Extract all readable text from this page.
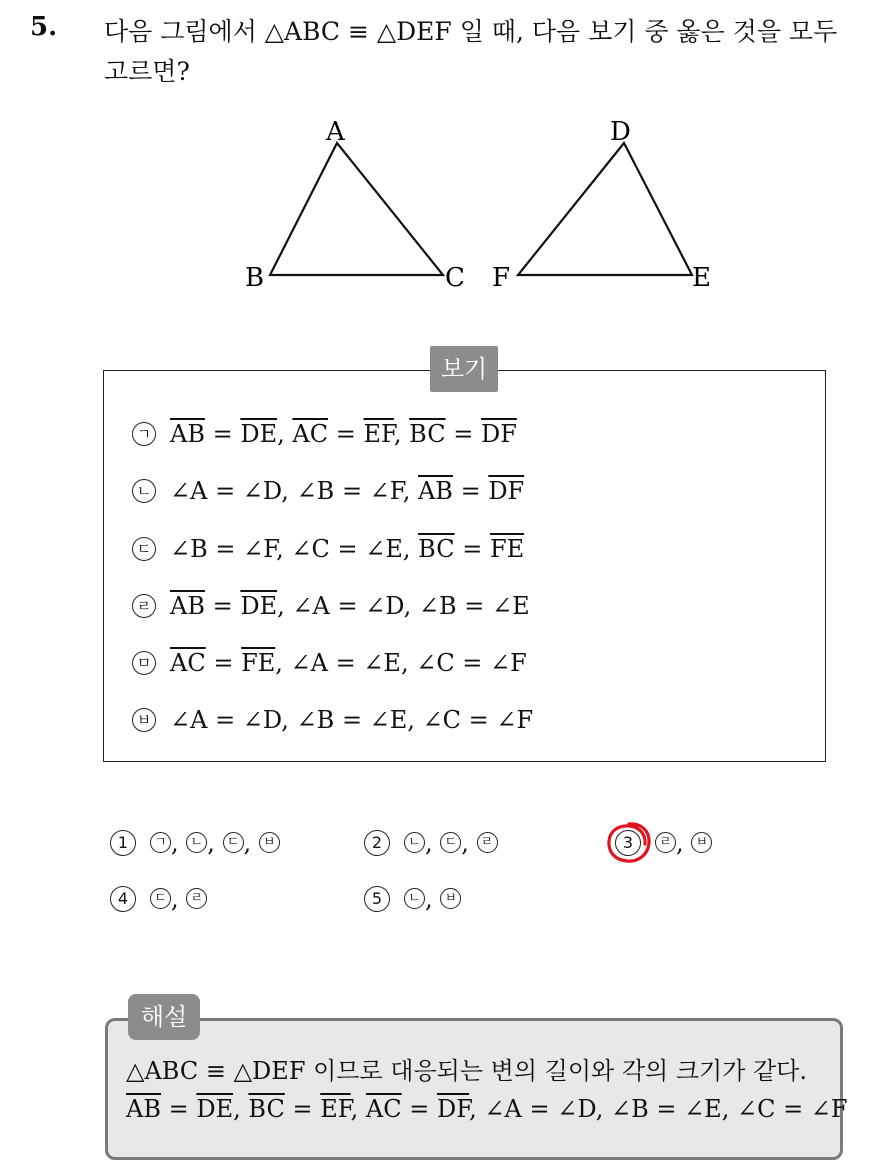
5. 다음 그림에서 △ABC ≡ △DEF 일 때, 다음 보기 중 옳은 것을 모두
고르면?
A
B	C
D
E
F
보기
ㄱ $\overline{AB} = \overline{DE}$, $\overline{AC} = \overline{EF}$, $\overline{BC} = \overline{DF}$
ㄴ ∠A = ∠D, ∠B = ∠F, $\overline{AB} = \overline{DF}$
ㄷ ∠B = ∠F, ∠C = ∠E, $\overline{BC} = \overline{FE}$
ㄹ $\overline{AB} = \overline{DE}$, ∠A = ∠D, ∠B = ∠E
ㅁ $\overline{AC} = \overline{FE}$, ∠A = ∠E, ∠C = ∠F
ㅂ ∠A = ∠D, ∠B = ∠E, ∠C = ∠F
1 ㄱ , ㄴ , ㄷ , ㅂ	2 ㄴ , ㄷ , ㄹ	3 ㄹ , ㅂ
4 ㄷ , ㄹ	5 ㄴ , ㅂ
해설
△ABC ≡ △DEF 이므로 대응되는 변의 길이와 각의 크기가 같다.
$\overline{AB} = \overline{DE}$, $\overline{BC} = \overline{EF}$, $\overline{AC} = \overline{DF}$, ∠A = ∠D, ∠B = ∠E, ∠C = ∠F
